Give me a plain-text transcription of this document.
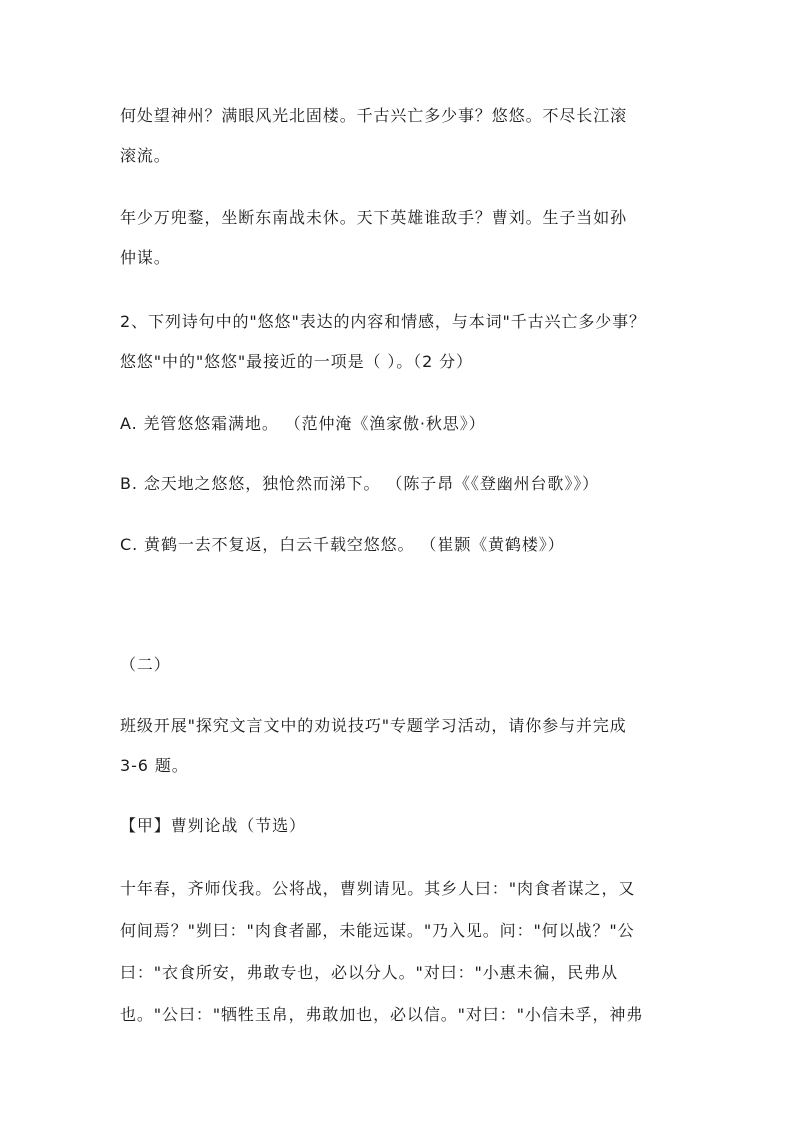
何处望神州？满眼风光北固楼。千古兴亡多少事？悠悠。不尽长江滚
滚流。
年少万兜鍪，坐断东南战未休。天下英雄谁敌手？曹刘。生子当如孙
仲谋。
2、下列诗句中的"悠悠"表达的内容和情感，与本词"千古兴亡多少事？
悠悠"中的"悠悠"最接近的一项是（ ）。（2 分）
A. 羌管悠悠霜满地。 （范仲淹《渔家傲·秋思》）
B. 念天地之悠悠，独怆然而涕下。 （陈子昂《《登幽州台歌》》）
C. 黄鹤一去不复返，白云千载空悠悠。 （崔颢《黄鹤楼》）
（二）
班级开展"探究文言文中的劝说技巧"专题学习活动，请你参与并完成
3-6 题。
【甲】曹刿论战（节选）
十年春，齐师伐我。公将战，曹刿请见。其乡人曰："肉食者谋之，又
何间焉？"刿曰："肉食者鄙，未能远谋。"乃入见。问："何以战？"公
曰："衣食所安，弗敢专也，必以分人。"对曰："小惠未徧，民弗从
也。"公曰："牺牲玉帛，弗敢加也，必以信。"对曰："小信未孚，神弗
